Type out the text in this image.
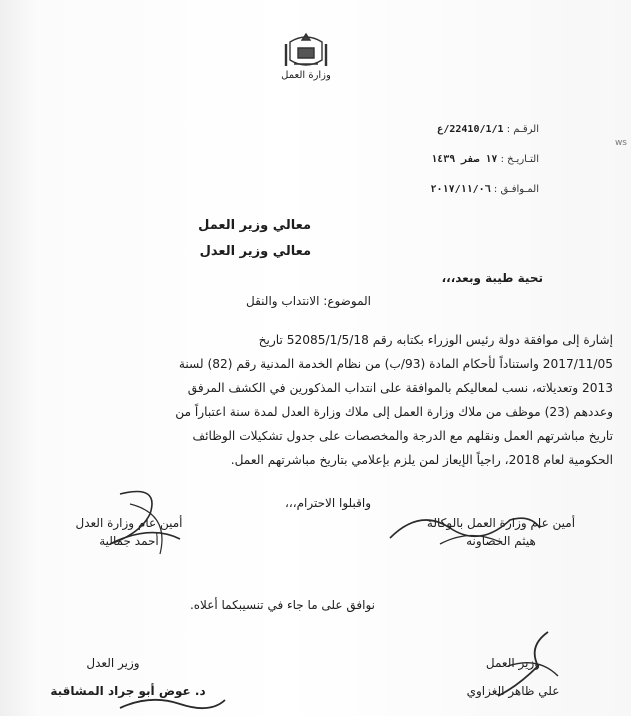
وزارة العمل
الرقـم : 22410/1/1/ع
التـاريـخ : ١٧ صفر ١٤٣٩
المـوافـق : ٢٠١٧/١١/٠٦
ws
معالي وزير العمل
معالي وزير العدل
تحية طيبة وبعد،،،
الموضوع: الانتداب والنقل
إشارة إلى موافقة دولة رئيس الوزراء بكتابه رقم 52085/1/5/18 تاريخ
2017/11/05 واستناداً لأحكام المادة (93/ب) من نظام الخدمة المدنية رقم (82) لسنة
2013 وتعديلاته، نسب لمعاليكم بالموافقة على انتداب المذكورين في الكشف المرفق
وعددهم (23) موظف من ملاك وزارة العمل إلى ملاك وزارة العدل لمدة سنة اعتباراً من
تاريخ مباشرتهم العمل ونقلهم مع الدرجة والمخصصات على جدول تشكيلات الوظائف
الحكومية لعام 2018، راجياً الإيعاز لمن يلزم بإعلامي بتاريخ مباشرتهم العمل.
واقبلوا الاحترام،،،
أمين عام وزارة العمل بالوكالة
هيثم الخصاونه
أمين عام وزارة العدل
أحمد جمالية
نوافق على ما جاء في تنسيبكما أعلاه.
وزير العمل
علي ظاهر الغزاوي
وزير العدل
د. عوض أبو جراد المشاقبة
